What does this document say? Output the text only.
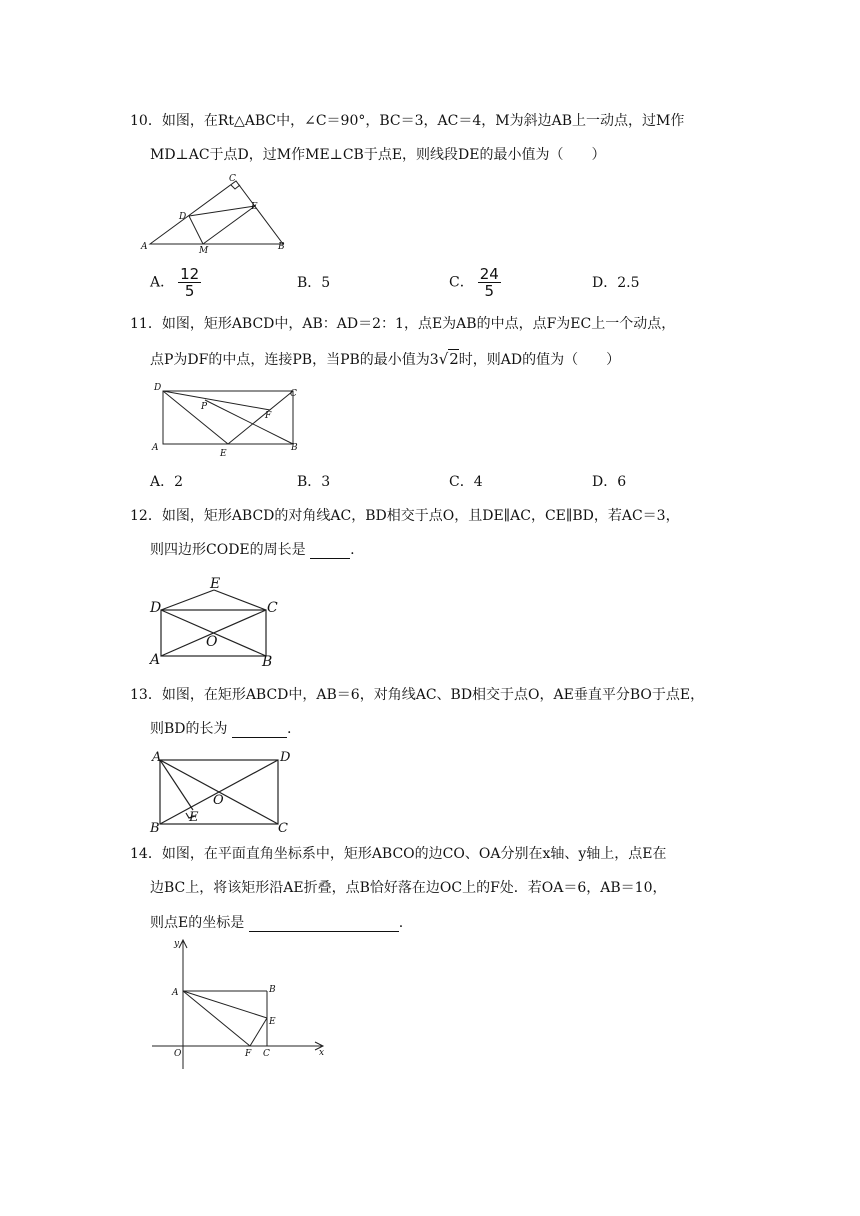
10．如图，在Rt△ABC中，∠C＝90°，BC＝3，AC＝4，M为斜边AB上一动点，过M作
MD⊥AC于点D，过M作ME⊥CB于点E，则线段DE的最小值为（　　）
C
D
E
A	M	B
A． $\frac{12}{5}$	B．5	C． $\frac{24}{5}$	D．2.5
11．如图，矩形ABCD中，AB：AD＝2：1，点E为AB的中点，点F为EC上一个动点，
点P为DF的中点，连接PB，当PB的最小值为3 √ 2 时，则AD的值为（　　）
D
C
P
F
A
E
B
A．2	B．3	C．4	D．6
12．如图，矩形ABCD的对角线AC，BD相交于点O，且DE∥AC，CE∥BD，若AC＝3，
则四边形CODE的周长是	.
E
D	C
O
A	B
13．如图，在矩形ABCD中，AB＝6，对角线AC、BD相交于点O，AE垂直平分BO于点E，
则BD的长为	.
A	D
O
E
B	C
14．如图，在平面直角坐标系中，矩形ABCO的边CO、OA分别在x轴、y轴上，点E在
边BC上，将该矩形沿AE折叠，点B恰好落在边OC上的F处．若OA＝6，AB＝10，
则点E的坐标是	.
y
A	B
E
O	F C	x
